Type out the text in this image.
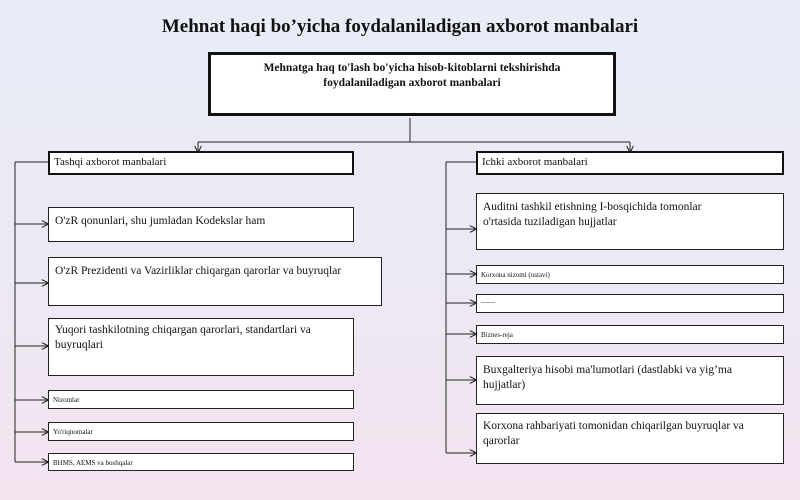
Mehnat haqi bo’yicha foydalaniladigan axborot manbalari
Mehnatga haq to'lash bo'yicha hisob-kitoblarni tekshirishda
foydalaniladigan axborot manbalari
Tashqi axborot manbalari
O'zR qonunlari, shu jumladan Kodekslar ham
O'zR Prezidenti va Vazirliklar chiqargan qarorlar va buyruqlar
Yuqori tashkilotning chiqargan qarorlari, standartlari va
buyruqlari
Nizomlar
Yo'riqnomalar
BHMS, AEMS va boshqalar
Ichki axborot manbalari
Auditni tashkil etishning I-bosqichida tomonlar
o'rtasida tuziladigan hujjatlar
Korxona nizomi (ustavi)
——
Biznes-reja
Buxgalteriya hisobi ma'lumotlari (dastlabki va yig’ma
hujjatlar)
Korxona rahbariyati tomonidan chiqarilgan buyruqlar va
qarorlar
